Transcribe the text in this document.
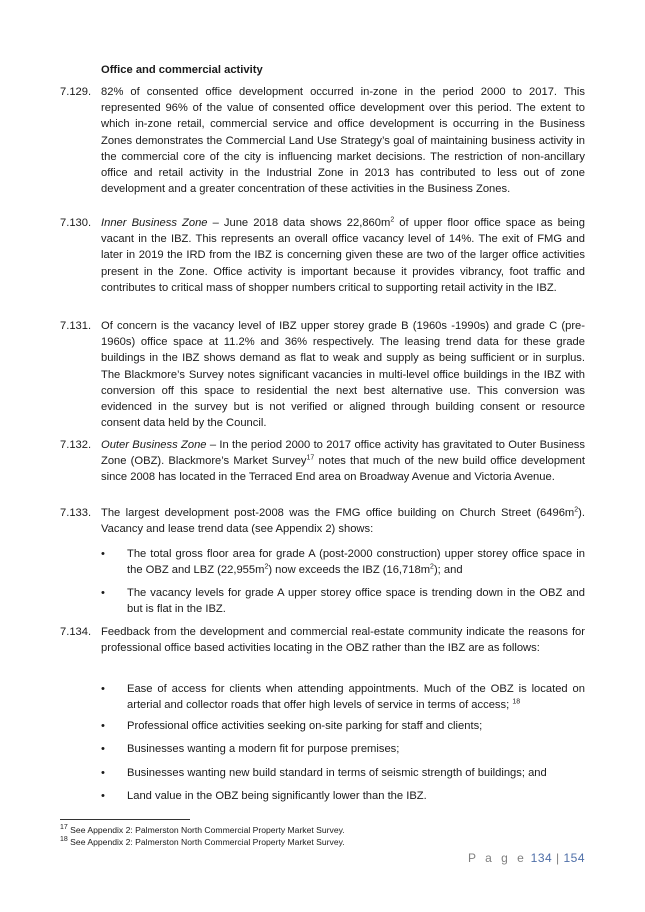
Office and commercial activity
7.129. 82% of consented office development occurred in-zone in the period 2000 to 2017. This represented 96% of the value of consented office development over this period. The extent to which in-zone retail, commercial service and office development is occurring in the Business Zones demonstrates the Commercial Land Use Strategy’s goal of maintaining business activity in the commercial core of the city is influencing market decisions. The restriction of non-ancillary office and retail activity in the Industrial Zone in 2013 has contributed to less out of zone development and a greater concentration of these activities in the Business Zones.
7.130. Inner Business Zone – June 2018 data shows $22,860m^2$ of upper floor office space as being vacant in the IBZ. This represents an overall office vacancy level of 14%. The exit of FMG and later in 2019 the IRD from the IBZ is concerning given these are two of the larger office activities present in the Zone. Office activity is important because it provides vibrancy, foot traffic and contributes to critical mass of shopper numbers critical to supporting retail activity in the IBZ.
7.131. Of concern is the vacancy level of IBZ upper storey grade B (1960s -1990s) and grade C (pre-1960s) office space at 11.2% and 36% respectively. The leasing trend data for these grade buildings in the IBZ shows demand as flat to weak and supply as being sufficient or in surplus. The Blackmore’s Survey notes significant vacancies in multi-level office buildings in the IBZ with conversion off this space to residential the next best alternative use. This conversion was evidenced in the survey but is not verified or aligned through building consent or resource consent data held by the Council.
7.132. Outer Business Zone – In the period 2000 to 2017 office activity has gravitated to Outer Business Zone (OBZ). Blackmore’s Market Survey$^{17}$ notes that much of the new build office development since 2008 has located in the Terraced End area on Broadway Avenue and Victoria Avenue.
7.133. The largest development post-2008 was the FMG office building on Church Street $(6496m^2)$. Vacancy and lease trend data (see Appendix 2) shows:
•	The total gross floor area for grade A (post-2000 construction) upper storey office space in the OBZ and LBZ $(22,955m^2)$ now exceeds the IBZ $(16,718m^2)$; and
•	The vacancy levels for grade A upper storey office space is trending down in the OBZ and but is flat in the IBZ.
7.134. Feedback from the development and commercial real-estate community indicate the reasons for professional office based activities locating in the OBZ rather than the IBZ are as follows:
•	Ease of access for clients when attending appointments. Much of the OBZ is located on arterial and collector roads that offer high levels of service in terms of access; $^{18}$
•	Professional office activities seeking on-site parking for staff and clients;
•	Businesses wanting a modern fit for purpose premises;
•	Businesses wanting new build standard in terms of seismic strength of buildings; and
•	Land value in the OBZ being significantly lower than the IBZ.
$^{17}$ See Appendix 2: Palmerston North Commercial Property Market Survey.
$^{18}$ See Appendix 2: Palmerston North Commercial Property Market Survey.
P a g e 134 | 154
